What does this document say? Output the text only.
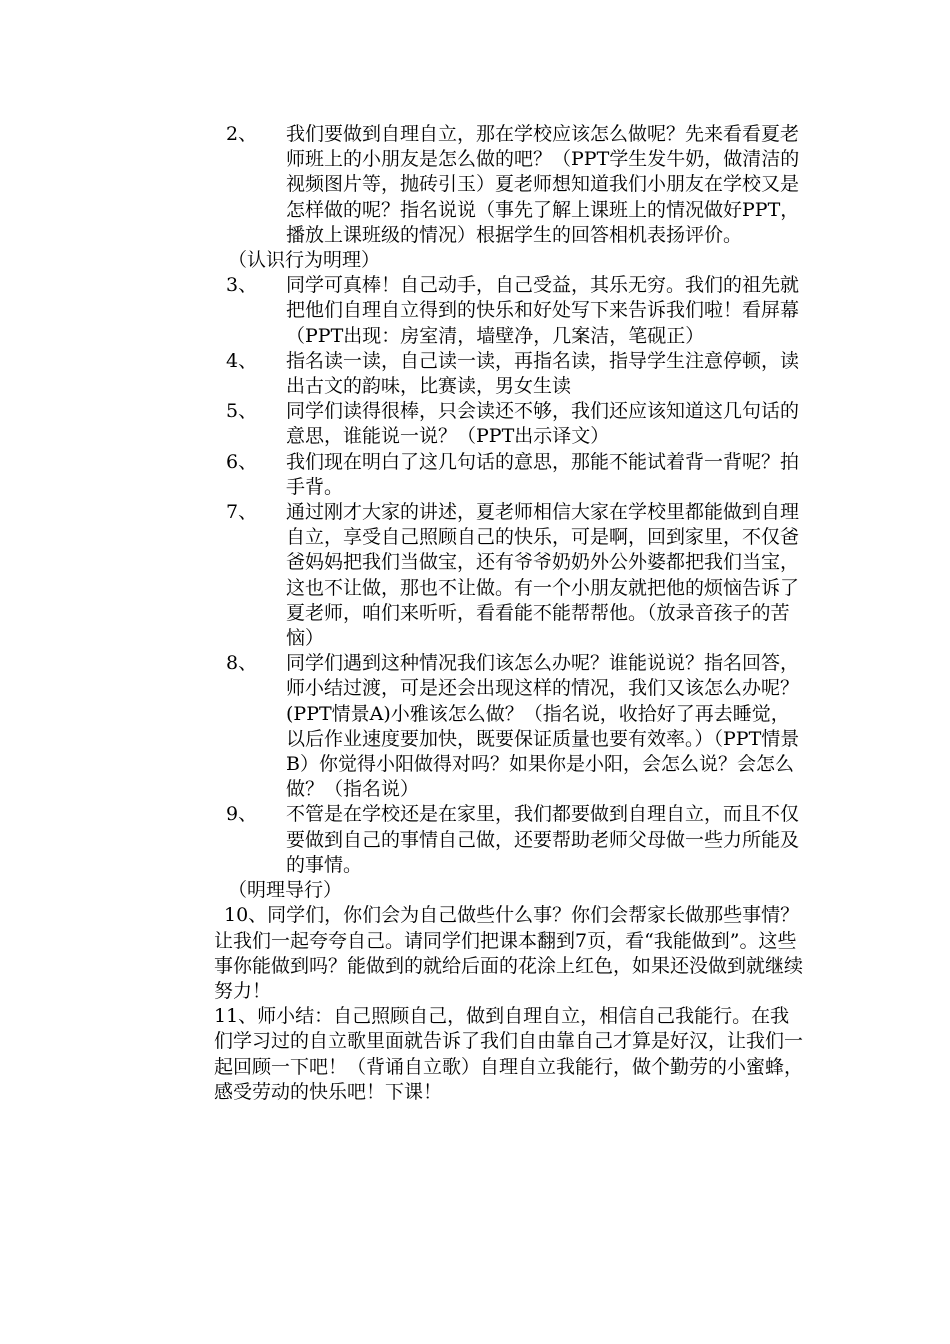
2、 我们要做到自理自立，那在学校应该怎么做呢？先来看看夏老师班上的小朋友是怎么做的吧？（PPT学生发牛奶，做清洁的视频图片等，抛砖引玉）夏老师想知道我们小朋友在学校又是怎样做的呢？指名说说（事先了解上课班上的情况做好PPT，播放上课班级的情况）根据学生的回答相机表扬评价。
（认识行为明理）
3、 同学可真棒！自己动手，自己受益，其乐无穷。我们的祖先就把他们自理自立得到的快乐和好处写下来告诉我们啦！看屏幕（PPT出现：房室清，墙壁净，几案洁，笔砚正）
4、 指名读一读，自己读一读，再指名读，指导学生注意停顿，读出古文的韵味，比赛读，男女生读
5、 同学们读得很棒，只会读还不够，我们还应该知道这几句话的意思，谁能说一说？（PPT出示译文）
6、 我们现在明白了这几句话的意思，那能不能试着背一背呢？拍手背。
7、 通过刚才大家的讲述，夏老师相信大家在学校里都能做到自理自立，享受自己照顾自己的快乐，可是啊，回到家里，不仅爸爸妈妈把我们当做宝，还有爷爷奶奶外公外婆都把我们当宝，这也不让做，那也不让做。有一个小朋友就把他的烦恼告诉了夏老师，咱们来听听，看看能不能帮帮他。（放录音孩子的苦恼）
8、 同学们遇到这种情况我们该怎么办呢？谁能说说？指名回答，师小结过渡，可是还会出现这样的情况，我们又该怎么办呢？(PPT情景A)小雅该怎么做？（指名说，收拾好了再去睡觉，以后作业速度要加快，既要保证质量也要有效率。）（PPT情景B）你觉得小阳做得对吗？如果你是小阳，会怎么说？会怎么做？（指名说）
9、 不管是在学校还是在家里，我们都要做到自理自立，而且不仅要做到自己的事情自己做，还要帮助老师父母做一些力所能及的事情。
（明理导行）
10、同学们，你们会为自己做些什么事？你们会帮家长做那些事情？让我们一起夸夸自己。请同学们把课本翻到7页，看“我能做到”。这些事你能做到吗？能做到的就给后面的花涂上红色，如果还没做到就继续努力！
11、师小结：自己照顾自己，做到自理自立，相信自己我能行。在我们学习过的自立歌里面就告诉了我们自由靠自己才算是好汉，让我们一起回顾一下吧！（背诵自立歌）自理自立我能行，做个勤劳的小蜜蜂，感受劳动的快乐吧！下课！
